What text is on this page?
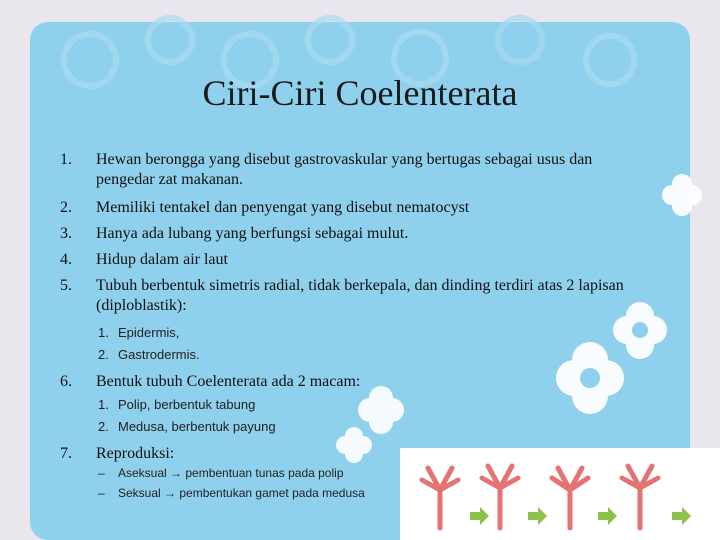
Ciri-Ciri Coelenterata
1.	Hewan berongga yang disebut gastrovaskular yang bertugas sebagai usus dan pengedar zat makanan.
2.	Memiliki tentakel dan penyengat yang disebut nematocyst
3.	Hanya ada lubang yang berfungsi sebagai mulut.
4.	Hidup dalam air laut
5.	Tubuh berbentuk simetris radial, tidak berkepala, dan dinding terdiri atas 2 lapisan (diploblastik):
1. Epidermis,
2. Gastrodermis.
6.	Bentuk tubuh Coelenterata ada 2 macam:
1. Polip, berbentuk tabung
2. Medusa, berbentuk payung
7.	Reproduksi:
– Aseksual → pembentuan tunas pada polip
– Seksual → pembentukan gamet pada medusa
